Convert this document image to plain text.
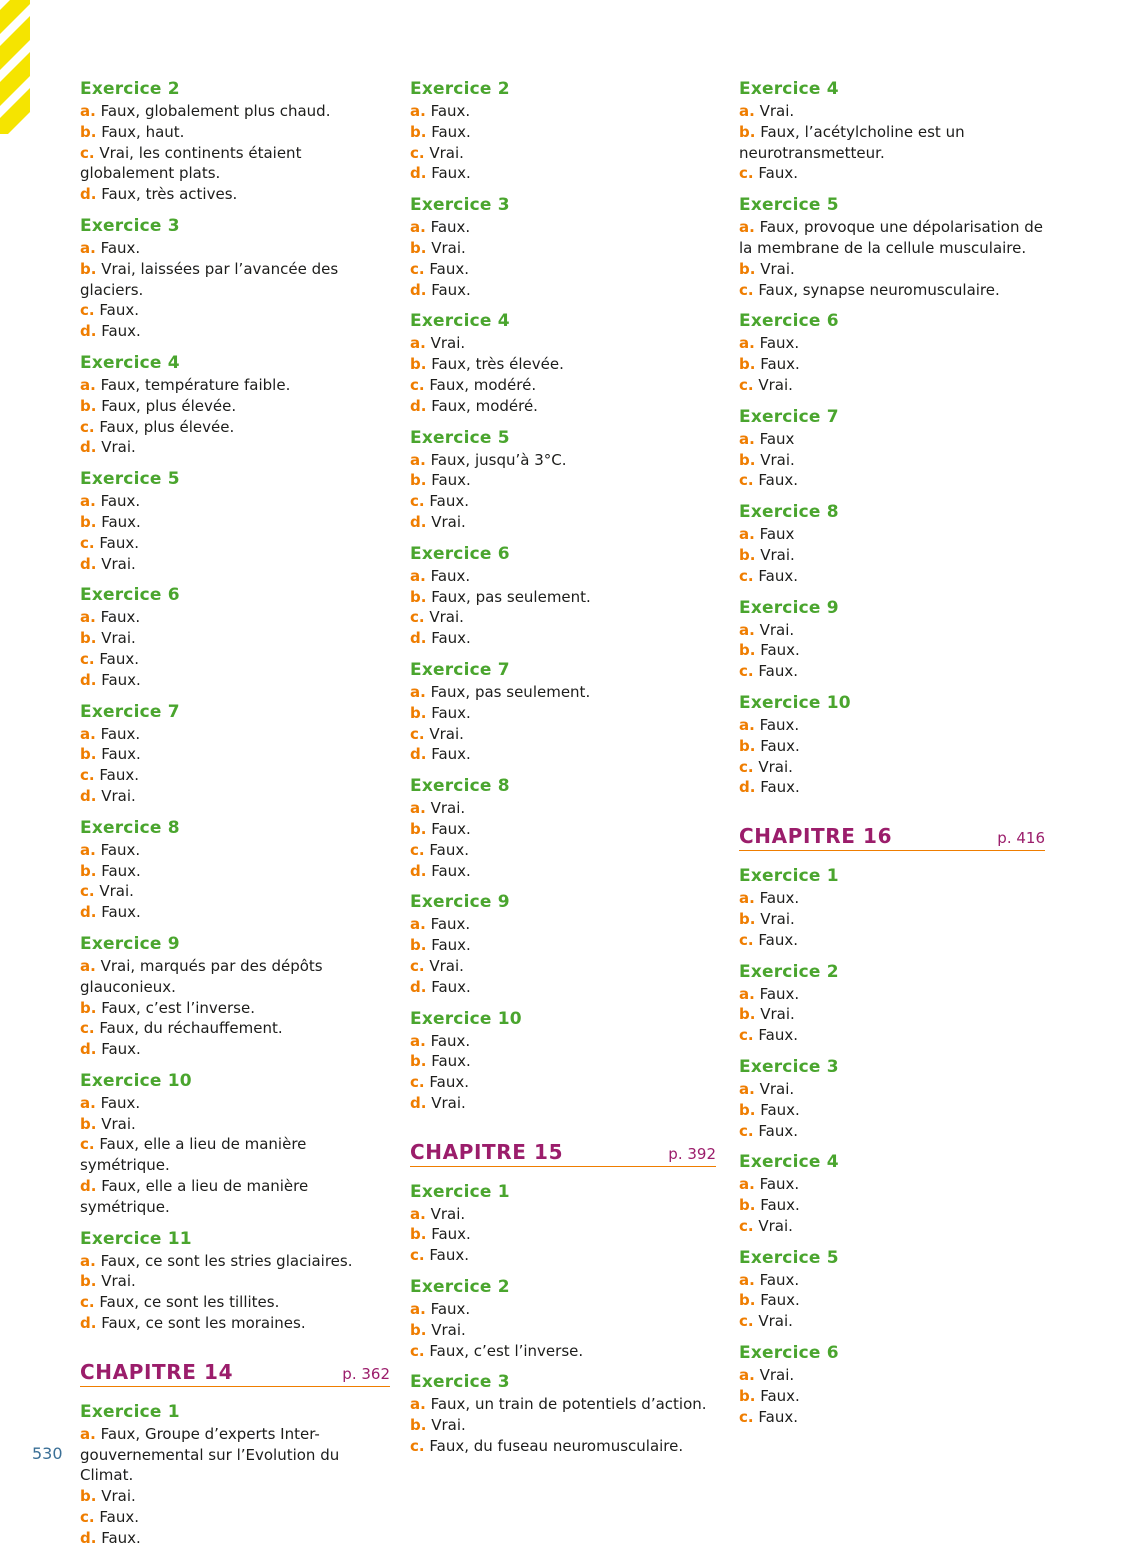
Exercice 2

a. Faux, globalement plus chaud.

b. Faux, haut.

c. Vrai, les continents étaient globalement plats.

d. Faux, très actives.

Exercice 3

a. Faux.

b. Vrai, laissées par l’avancée des glaciers.

c. Faux.

d. Faux.

Exercice 4

a. Faux, température faible.

b. Faux, plus élevée.

c. Faux, plus élevée.

d. Vrai.

Exercice 5

a. Faux.

b. Faux.

c. Faux.

d. Vrai.

Exercice 6

a. Faux.

b. Vrai.

c. Faux.

d. Faux.

Exercice 7

a. Faux.

b. Faux.

c. Faux.

d. Vrai.

Exercice 8

a. Faux.

b. Faux.

c. Vrai.

d. Faux.

Exercice 9

a. Vrai, marqués par des dépôts glauconieux.

b. Faux, c’est l’inverse.

c. Faux, du réchauffement.

d. Faux.

Exercice 10

a. Faux.

b. Vrai.

c. Faux, elle a lieu de manière symétrique.

d. Faux, elle a lieu de manière symétrique.

Exercice 11

a. Faux, ce sont les stries glaciaires.

b. Vrai.

c. Faux, ce sont les tillites.

d. Faux, ce sont les moraines.

CHAPITRE 14	p. 362
Exercice 1

a. Faux, Groupe d’experts Inter-gouvernemental sur l’Evolution du Climat.

b. Vrai.

c. Faux.

d. Faux.

Exercice 2

a. Faux.

b. Faux.

c. Vrai.

d. Faux.

Exercice 3

a. Faux.

b. Vrai.

c. Faux.

d. Faux.

Exercice 4

a. Vrai.

b. Faux, très élevée.

c. Faux, modéré.

d. Faux, modéré.

Exercice 5

a. Faux, jusqu’à 3°C.

b. Faux.

c. Faux.

d. Vrai.

Exercice 6

a. Faux.

b. Faux, pas seulement.

c. Vrai.

d. Faux.

Exercice 7

a. Faux, pas seulement.

b. Faux.

c. Vrai.

d. Faux.

Exercice 8

a. Vrai.

b. Faux.

c. Faux.

d. Faux.

Exercice 9

a. Faux.

b. Faux.

c. Vrai.

d. Faux.

Exercice 10

a. Faux.

b. Faux.

c. Faux.

d. Vrai.

CHAPITRE 15	p. 392
Exercice 1

a. Vrai.

b. Faux.

c. Faux.

Exercice 2

a. Faux.

b. Vrai.

c. Faux, c’est l’inverse.

Exercice 3

a. Faux, un train de potentiels d’action.

b. Vrai.

c. Faux, du fuseau neuromusculaire.

Exercice 4

a. Vrai.

b. Faux, l’acétylcholine est un neurotransmetteur.

c. Faux.

Exercice 5

a. Faux, provoque une dépolarisation de la membrane de la cellule musculaire.

b. Vrai.

c. Faux, synapse neuromusculaire.

Exercice 6

a. Faux.

b. Faux.

c. Vrai.

Exercice 7

a. Faux

b. Vrai.

c. Faux.

Exercice 8

a. Faux

b. Vrai.

c. Faux.

Exercice 9

a. Vrai.

b. Faux.

c. Faux.

Exercice 10

a. Faux.

b. Faux.

c. Vrai.

d. Faux.

CHAPITRE 16	p. 416
Exercice 1

a. Faux.

b. Vrai.

c. Faux.

Exercice 2

a. Faux.

b. Vrai.

c. Faux.

Exercice 3

a. Vrai.

b. Faux.

c. Faux.

Exercice 4

a. Faux.

b. Faux.

c. Vrai.

Exercice 5

a. Faux.

b. Faux.

c. Vrai.

Exercice 6

a. Vrai.

b. Faux.

c. Faux.

530
